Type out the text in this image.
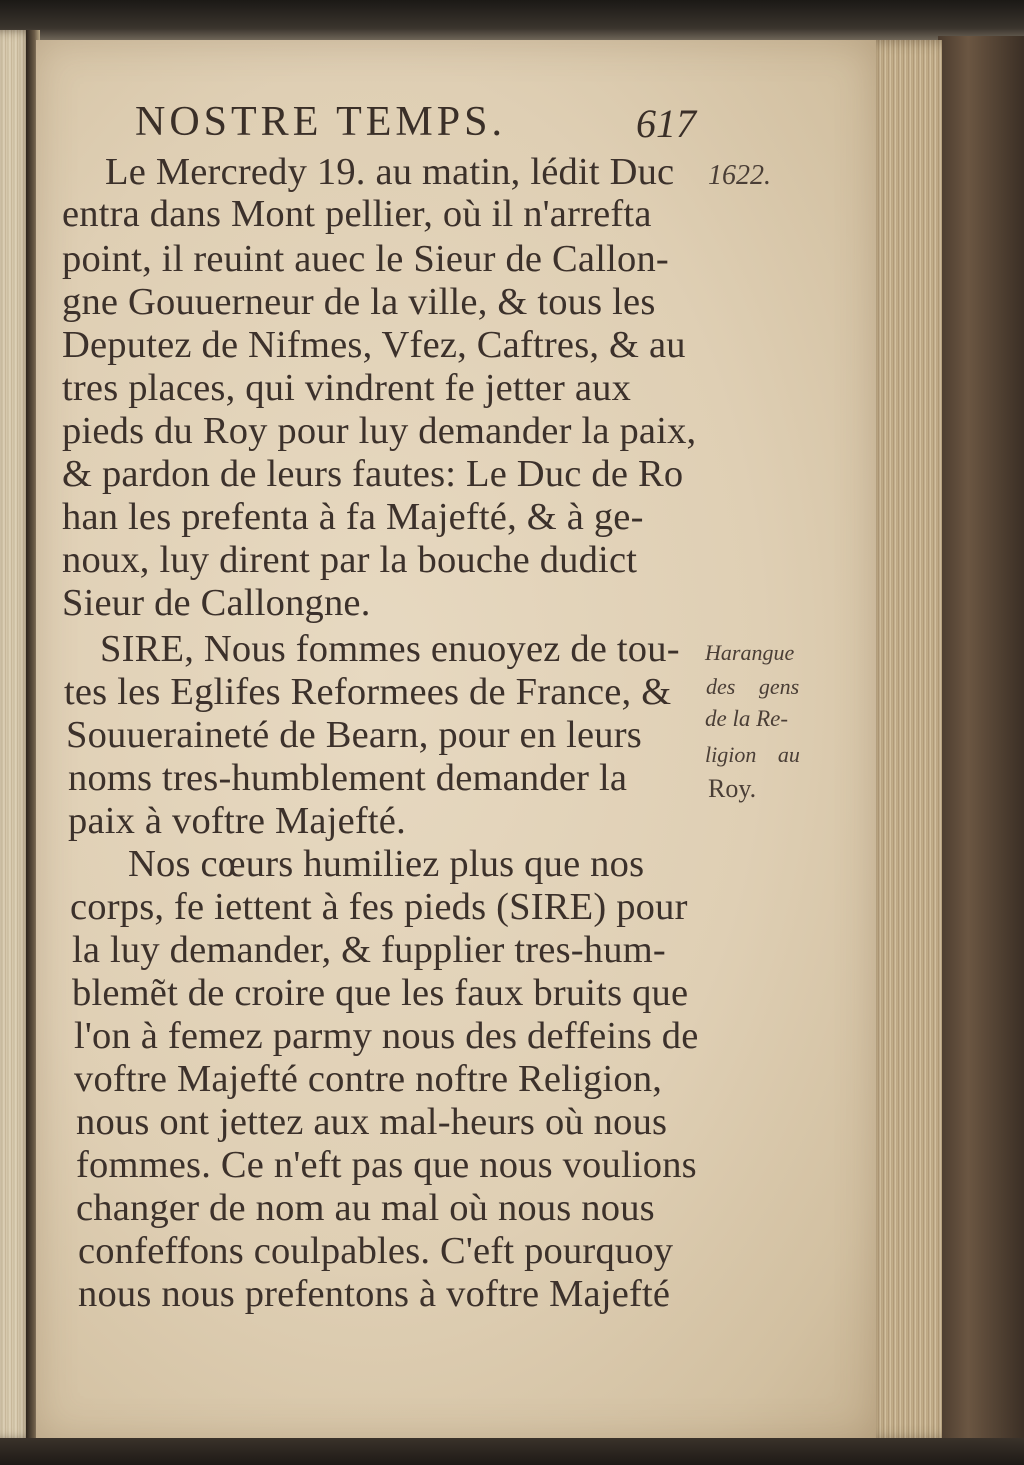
NOSTRE TEMPS.	617
1622.
Harangue
des gens
de la Re-
ligion au
Roy.
Le Mercredy 19. au matin, lédit Duc
entra dans Mont pellier, où il n'arrefta
point, il reuint auec le Sieur de Callon-
gne Gouuerneur de la ville, & tous les
Deputez de Nifmes, Vfez, Caftres, & au
tres places, qui vindrent fe jetter aux
pieds du Roy pour luy demander la paix,
& pardon de leurs fautes: Le Duc de Ro
han les prefenta à fa Majefté, & à ge-
noux, luy dirent par la bouche dudict
Sieur de Callongne.
SIRE, Nous fommes enuoyez de tou-
tes les Eglifes Reformees de France, &
Souueraineté de Bearn, pour en leurs
noms tres-humblement demander la
paix à voftre Majefté.
Nos cœurs humiliez plus que nos
corps, fe iettent à fes pieds (SIRE) pour
la luy demander, & fupplier tres-hum-
blemẽt de croire que les faux bruits que
l'on à femez parmy nous des deffeins de
voftre Majefté contre noftre Religion,
nous ont jettez aux mal-heurs où nous
fommes. Ce n'eft pas que nous voulions
changer de nom au mal où nous nous
confeffons coulpables. C'eft pourquoy
nous nous prefentons à voftre Majefté
